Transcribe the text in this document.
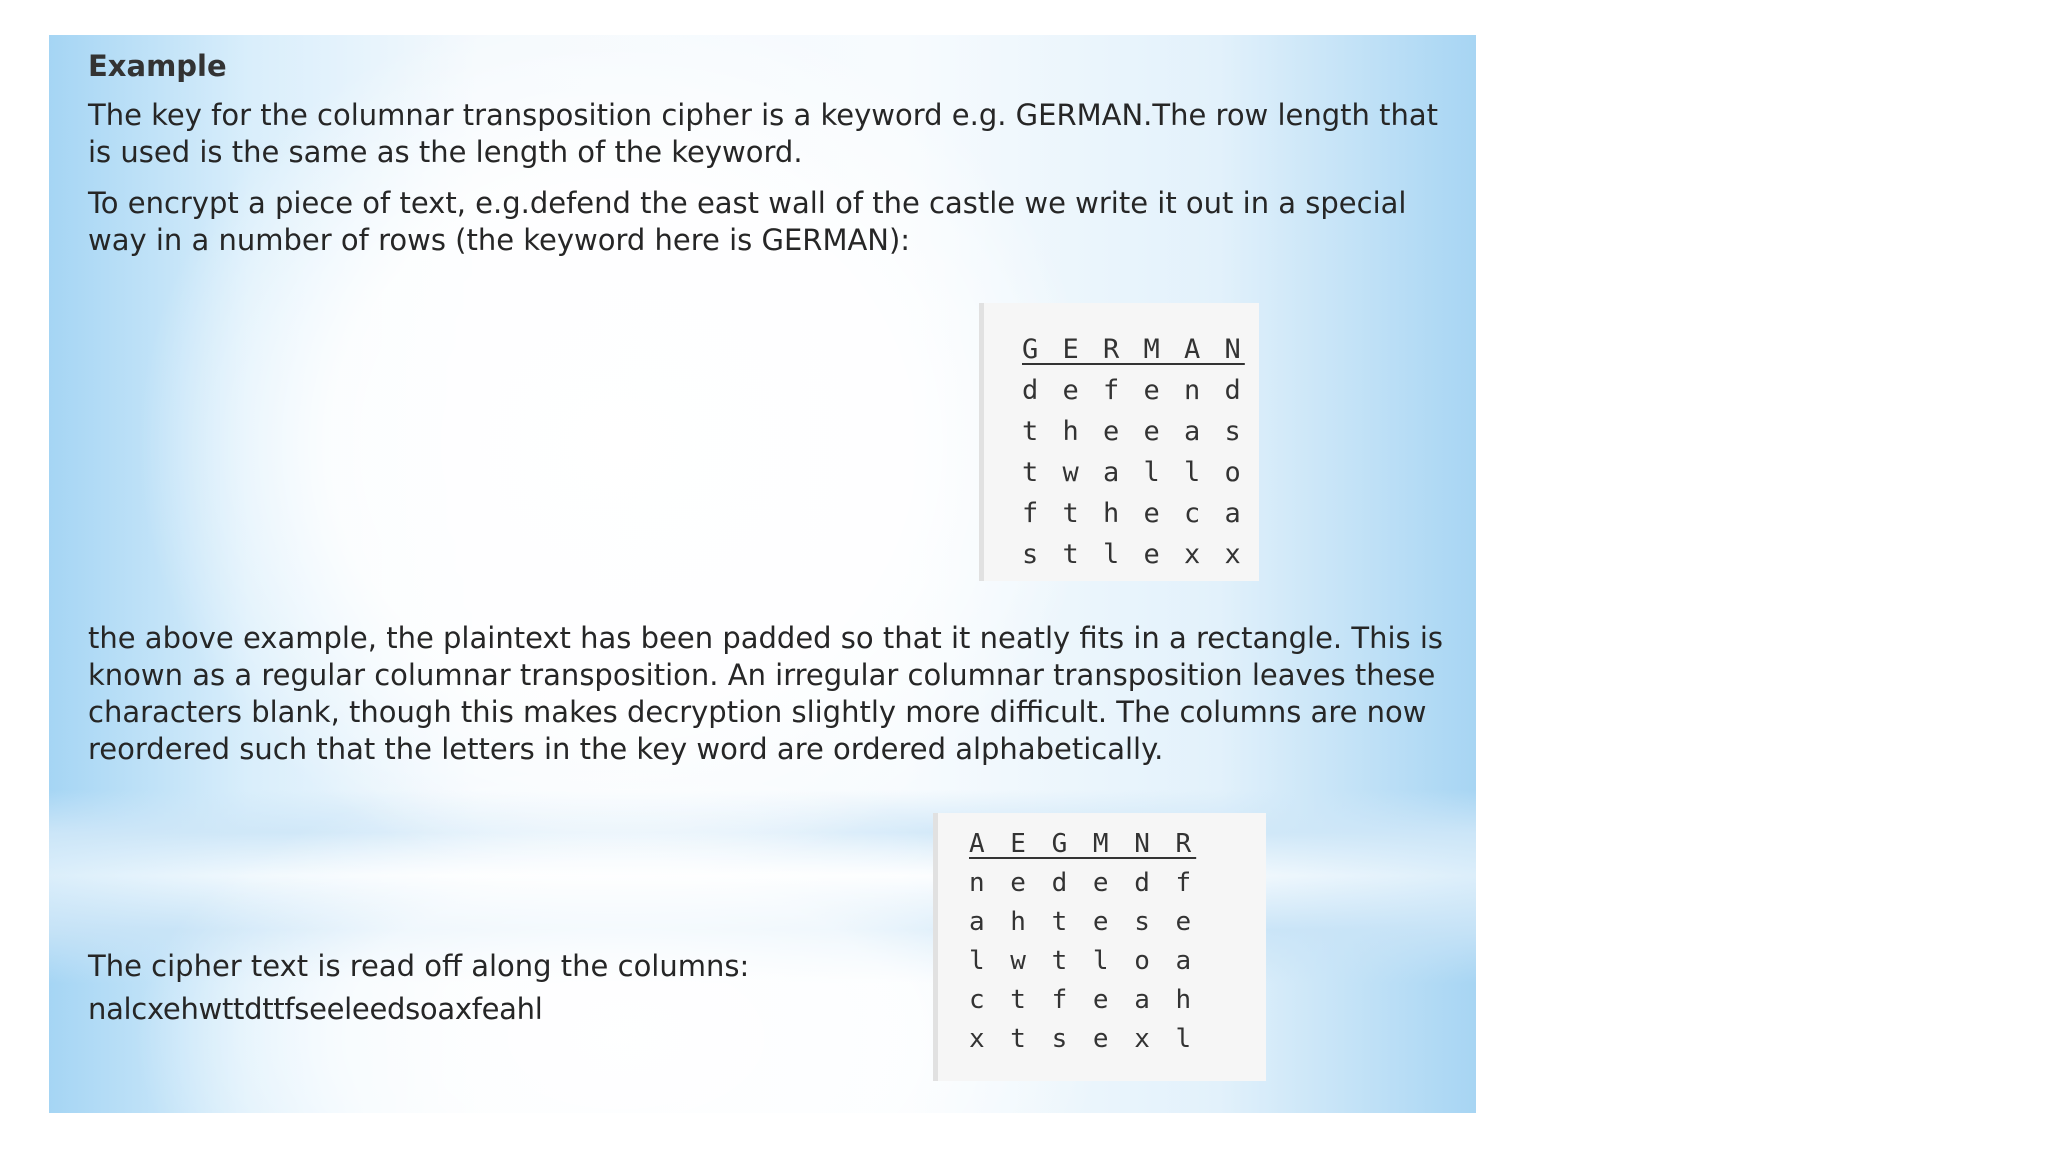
Example
The key for the columnar transposition cipher is a keyword e.g. GERMAN.The row length that is used is the same as the length of the keyword.
To encrypt a piece of text, e.g.defend the east wall of the castle we write it out in a special way in a number of rows (the keyword here is GERMAN):
G E R M A N
d e f e n d
t h e e a s
t w a l l o
f t h e c a
s t l e x x
the above example, the plaintext has been padded so that it neatly fits in a rectangle. This is known as a regular columnar transposition. An irregular columnar transposition leaves these characters blank, though this makes decryption slightly more difficult. The columns are now reordered such that the letters in the key word are ordered alphabetically.
A E G M N R
n e d e d f
a h t e s e
l w t l o a
c t f e a h
x t s e x l
The cipher text is read off along the columns:
nalcxehwttdttfseeleedsoaxfeahl
